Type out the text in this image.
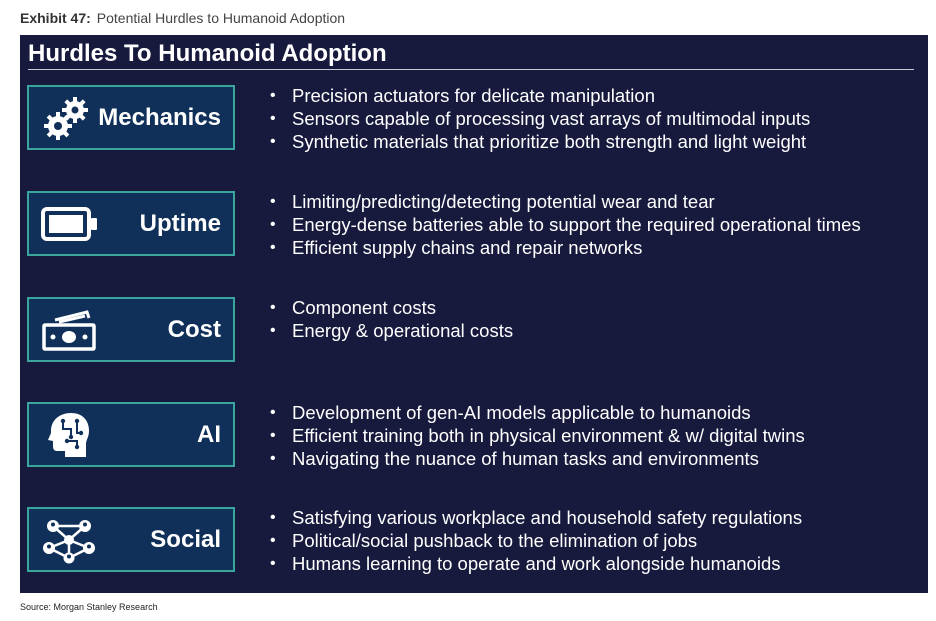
Exhibit 47: Potential Hurdles to Humanoid Adoption
Hurdles To Humanoid Adoption
Mechanics
• Precision actuators for delicate manipulation
• Sensors capable of processing vast arrays of multimodal inputs
• Synthetic materials that prioritize both strength and light weight
Uptime
• Limiting/predicting/detecting potential wear and tear
• Energy-dense batteries able to support the required operational times
• Efficient supply chains and repair networks
Cost
• Component costs
• Energy & operational costs
AI
• Development of gen-AI models applicable to humanoids
• Efficient training both in physical environment & w/ digital twins
• Navigating the nuance of human tasks and environments
Social
• Satisfying various workplace and household safety regulations
• Political/social pushback to the elimination of jobs
• Humans learning to operate and work alongside humanoids
Source: Morgan Stanley Research
